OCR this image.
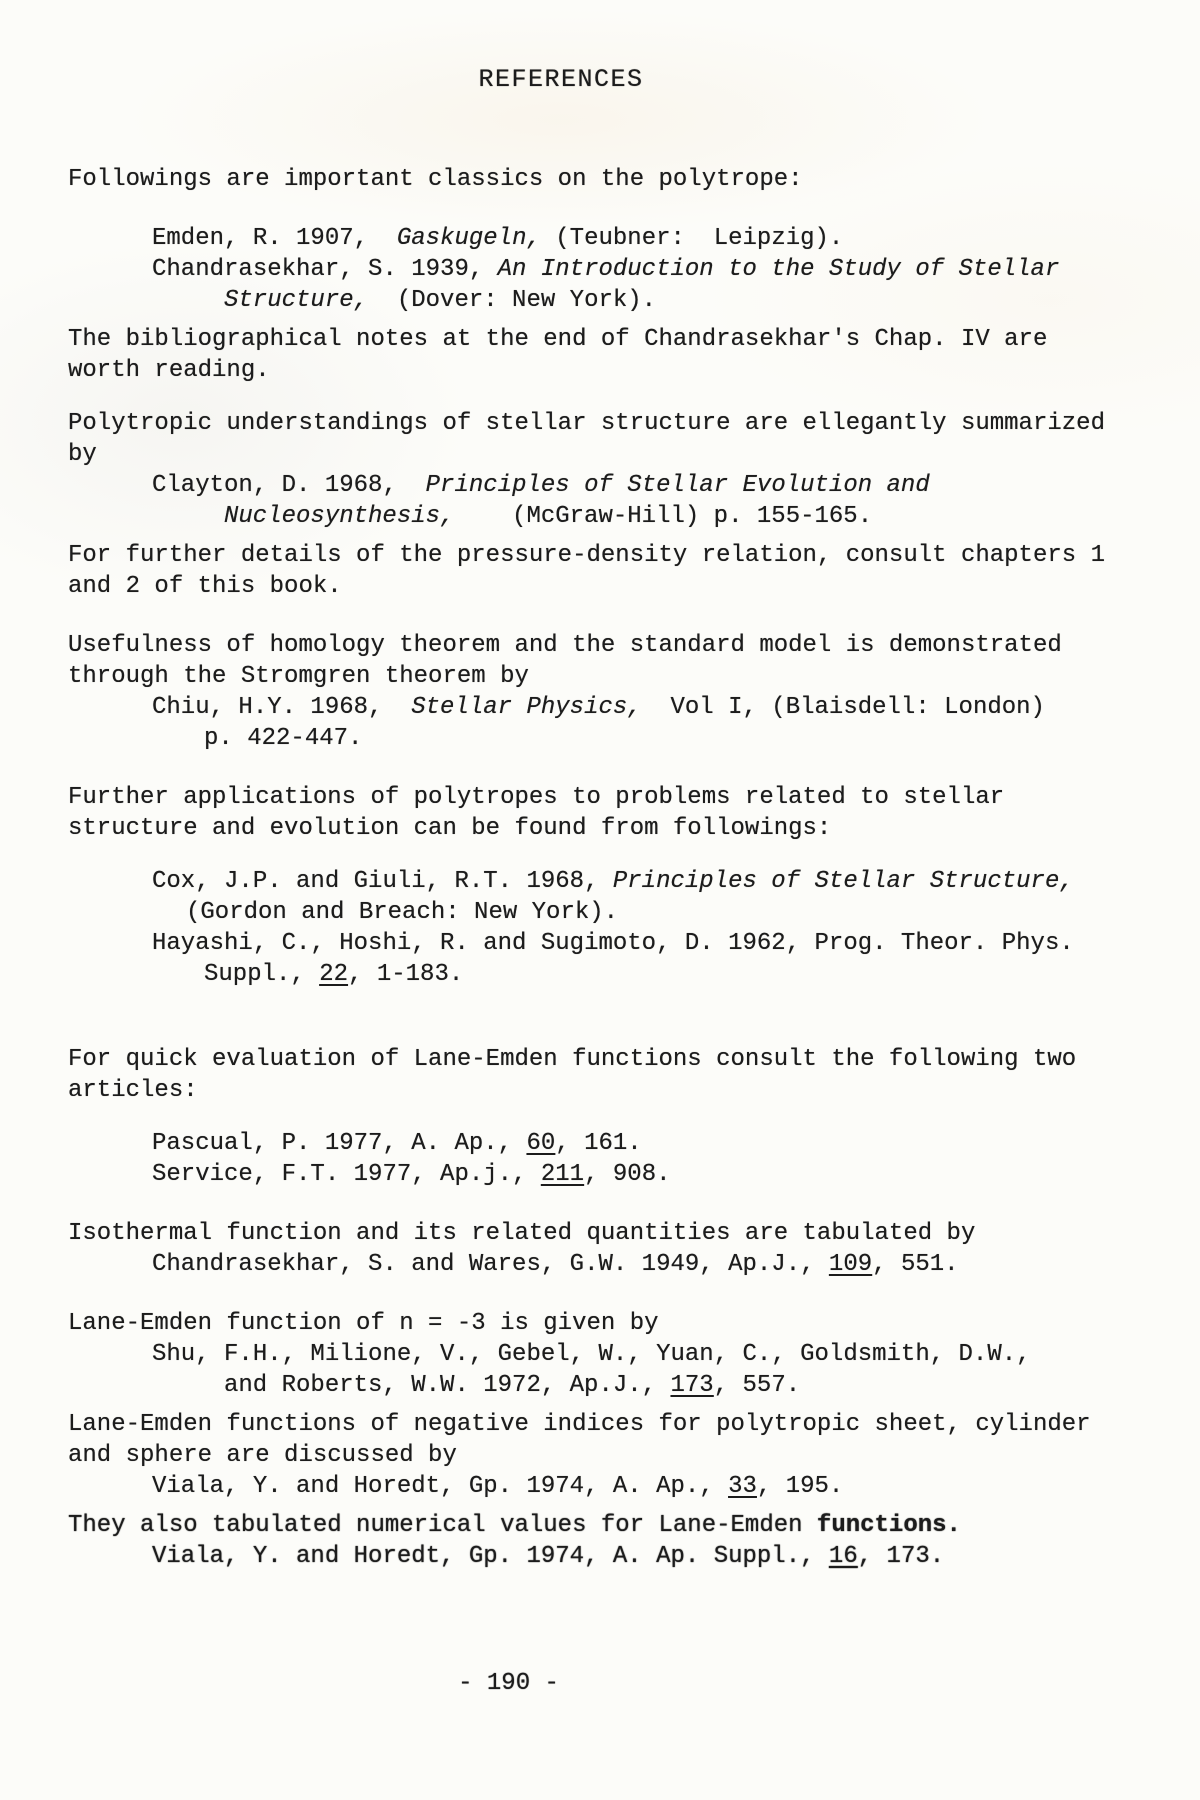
REFERENCES
Followings are important classics on the polytrope:
Emden, R. 1907,  Gaskugeln, (Teubner:  Leipzig).
Chandrasekhar, S. 1939, An Introduction to the Study of Stellar
Structure,  (Dover: New York).
The bibliographical notes at the end of Chandrasekhar's Chap. IV are
worth reading.
Polytropic understandings of stellar structure are ellegantly summarized
by
Clayton, D. 1968,  Principles of Stellar Evolution and
Nucleosynthesis,    (McGraw-Hill) p. 155-165.
For further details of the pressure-density relation, consult chapters 1
and 2 of this book.
Usefulness of homology theorem and the standard model is demonstrated
through the Stromgren theorem by
Chiu, H.Y. 1968,  Stellar Physics,  Vol I, (Blaisdell: London)
p. 422-447.
Further applications of polytropes to problems related to stellar
structure and evolution can be found from followings:
Cox, J.P. and Giuli, R.T. 1968, Principles of Stellar Structure,
(Gordon and Breach: New York).
Hayashi, C., Hoshi, R. and Sugimoto, D. 1962, Prog. Theor. Phys.
Suppl., 22, 1-183.
For quick evaluation of Lane-Emden functions consult the following two
articles:
Pascual, P. 1977, A. Ap., 60, 161.
Service, F.T. 1977, Ap.j., 211, 908.
Isothermal function and its related quantities are tabulated by
Chandrasekhar, S. and Wares, G.W. 1949, Ap.J., 109, 551.
Lane-Emden function of n = -3 is given by
Shu, F.H., Milione, V., Gebel, W., Yuan, C., Goldsmith, D.W.,
and Roberts, W.W. 1972, Ap.J., 173, 557.
Lane-Emden functions of negative indices for polytropic sheet, cylinder
and sphere are discussed by
Viala, Y. and Horedt, Gp. 1974, A. Ap., 33, 195.
They also tabulated numerical values for Lane-Emden functions.
Viala, Y. and Horedt, Gp. 1974, A. Ap. Suppl., 16, 173.
- 190 -
